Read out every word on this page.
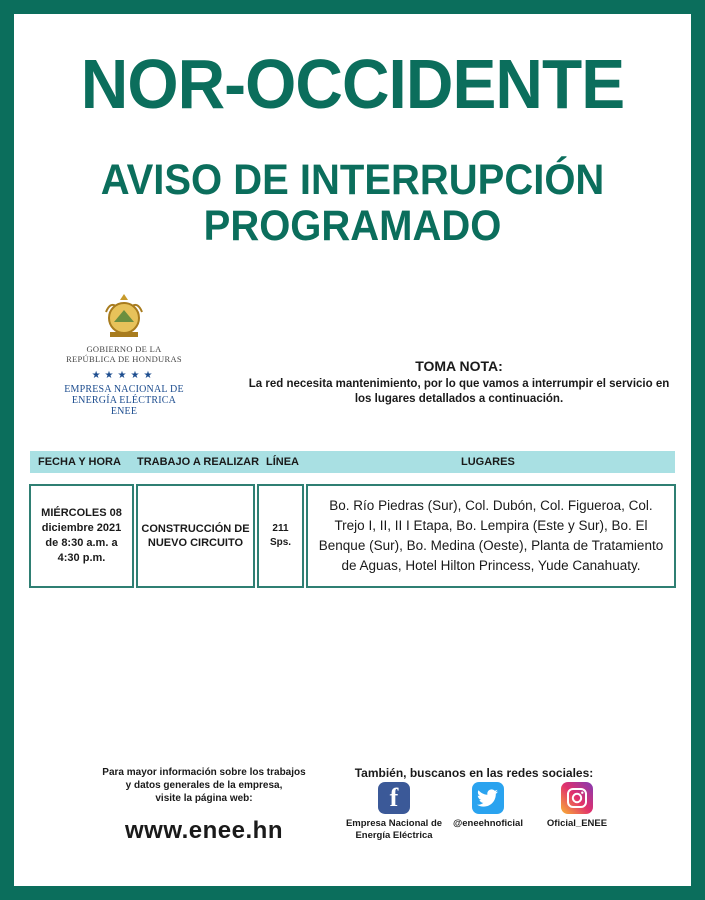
NOR-OCCIDENTE
AVISO DE INTERRUPCIÓN
PROGRAMADO
GOBIERNO DE LA
REPÚBLICA DE HONDURAS
★★★★★
EMPRESA NACIONAL DE
ENERGÍA ELÉCTRICA
ENEE
TOMA NOTA:
La red necesita mantenimiento, por lo que vamos a interrumpir el servicio en
los lugares detallados a continuación.
FECHA Y HORA TRABAJO A REALIZAR LÍNEA	LUGARES
MIÉRCOLES 08
diciembre 2021
de 8:30 a.m. a
4:30 p.m.
CONSTRUCCIÓN DE
NUEVO CIRCUITO
211
Sps.
Bo. Río Piedras (Sur), Col. Dubón, Col. Figueroa, Col. Trejo I, II, II I Etapa, Bo. Lempira (Este y Sur), Bo. El Benque (Sur), Bo. Medina (Oeste), Planta de Tratamiento de Aguas, Hotel Hilton Princess, Yude Canahuaty.
Para mayor información sobre los trabajos
y datos generales de la empresa,
visite la página web:
www.enee.hn
También, buscanos en las redes sociales:
f
Empresa Nacional de
Energía Eléctrica
@eneehnoficial	Oficial_ENEE
